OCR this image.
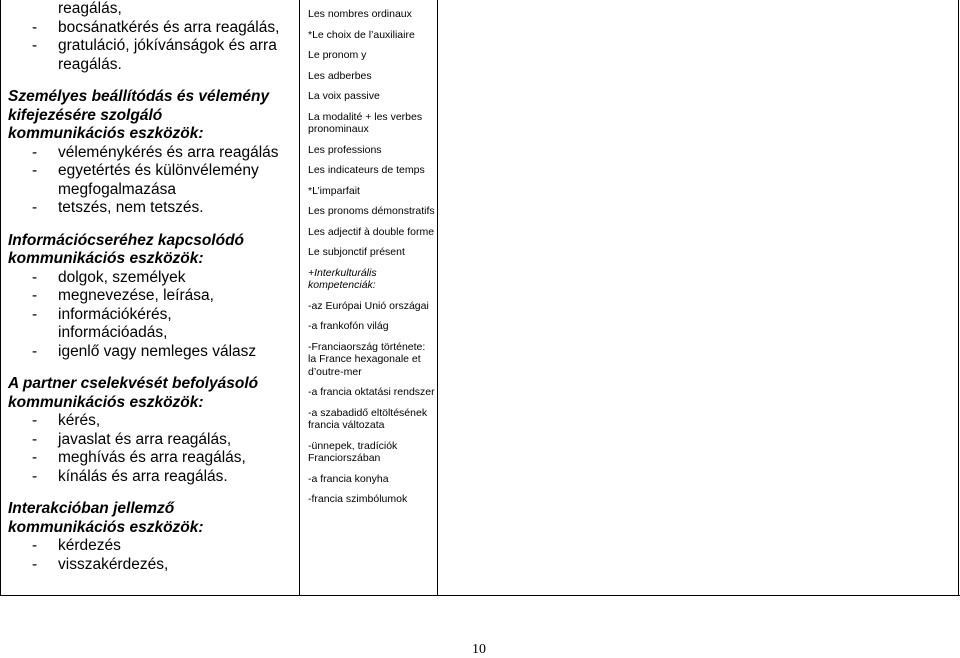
reagálás,
- bocsánatkérés és arra reagálás,
- gratuláció, jókívánságok és arra
reagálás.
Személyes beállítódás és vélemény
kifejezésére szolgáló
kommunikációs eszközök:
- véleménykérés és arra reagálás
- egyetértés és különvélemény
megfogalmazása
- tetszés, nem tetszés.
Információcseréhez kapcsolódó
kommunikációs eszközök:
- dolgok, személyek
- megnevezése, leírása,
- információkérés,
információadás,
- igenlő vagy nemleges válasz
A partner cselekvését befolyásoló
kommunikációs eszközök:
- kérés,
- javaslat és arra reagálás,
- meghívás és arra reagálás,
- kínálás és arra reagálás.
Interakcióban jellemző
kommunikációs eszközök:
- kérdezés
- visszakérdezés,
Les nombres ordinaux
*Le choix de l’auxiliaire
Le pronom y
Les adberbes
La voix passive
La modalité + les verbes pronominaux
Les professions
Les indicateurs de temps
*L’imparfait
Les pronoms démonstratifs
Les adjectif à double forme
Le subjonctif présent
+Interkulturális kompetenciák:
-az Európai Unió országai
-a frankofón világ
-Franciaország története: la France hexagonale et d’outre-mer
-a francia oktatási rendszer
-a szabadidő eltöltésének francia változata
-ünnepek, tradíciók Franciorszában
-a francia konyha
-francia szimbólumok
10
